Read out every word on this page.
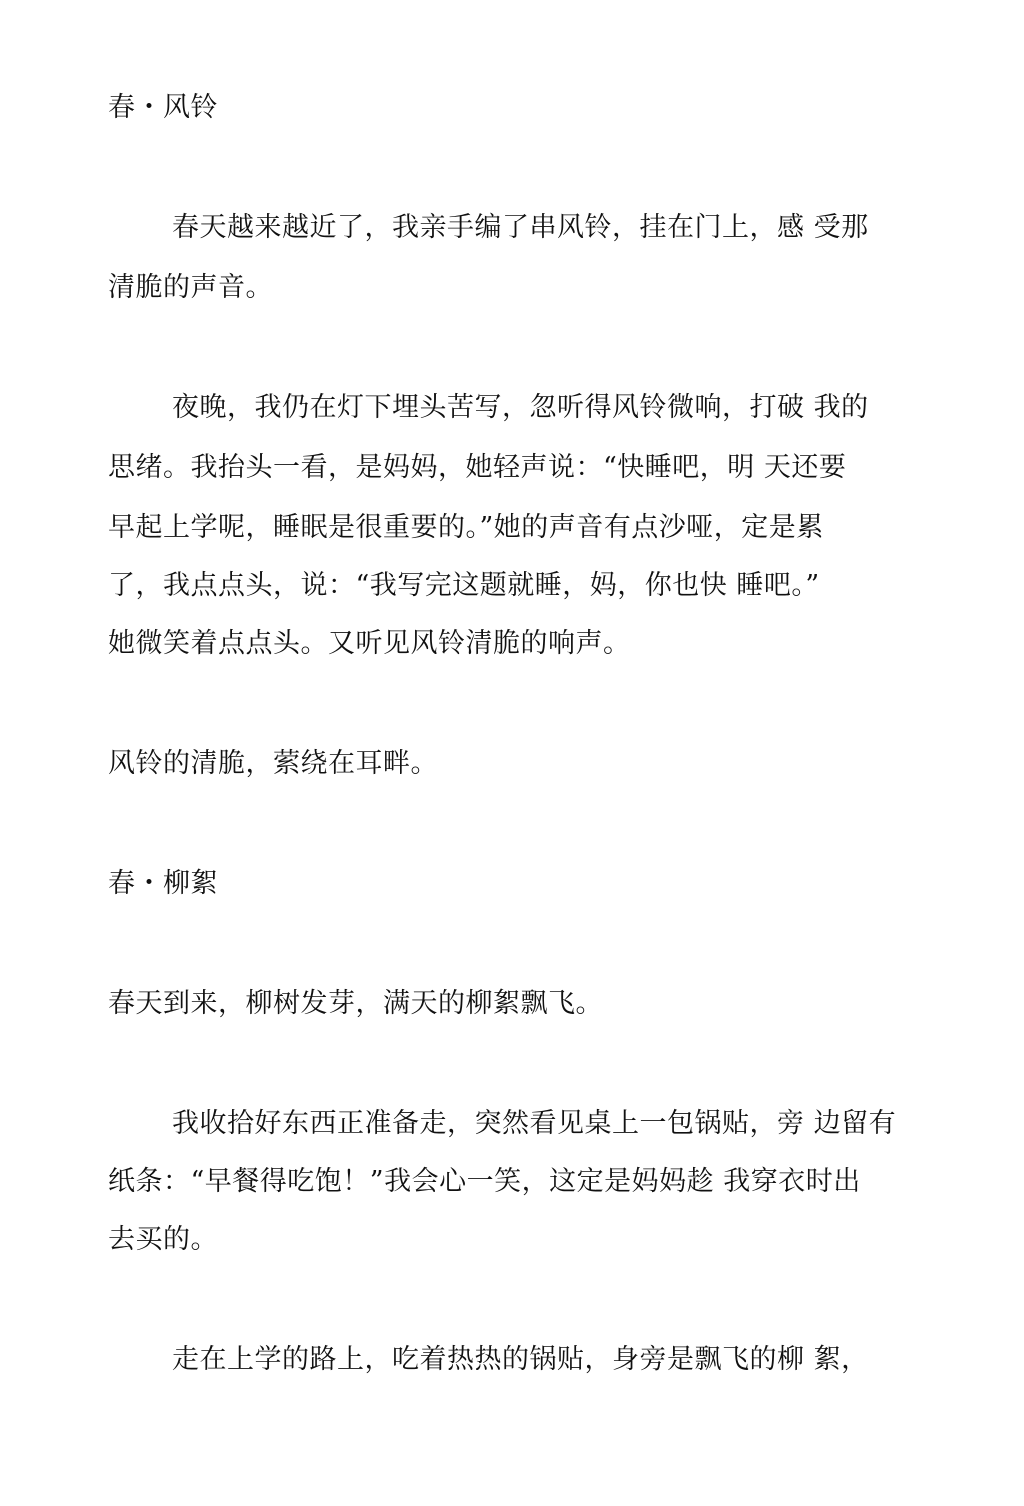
春・风铃
春天越来越近了，我亲手编了串风铃，挂在门上，感 受那
清脆的声音。
夜晚，我仍在灯下埋头苦写，忽听得风铃微响，打破 我的
思绪。我抬头一看，是妈妈，她轻声说：“快睡吧，明 天还要
早起上学呢，睡眠是很重要的。”她的声音有点沙哑，定是累
了，我点点头，说：“我写完这题就睡，妈，你也快 睡吧。”
她微笑着点点头。又听见风铃清脆的响声。
风铃的清脆，萦绕在耳畔。
春・柳絮
春天到来，柳树发芽，满天的柳絮飘飞。
我收拾好东西正准备走，突然看见桌上一包锅贴，旁 边留有
纸条：“早餐得吃饱！”我会心一笑，这定是妈妈趁 我穿衣时出
去买的。
走在上学的路上，吃着热热的锅贴，身旁是飘飞的柳 絮，
